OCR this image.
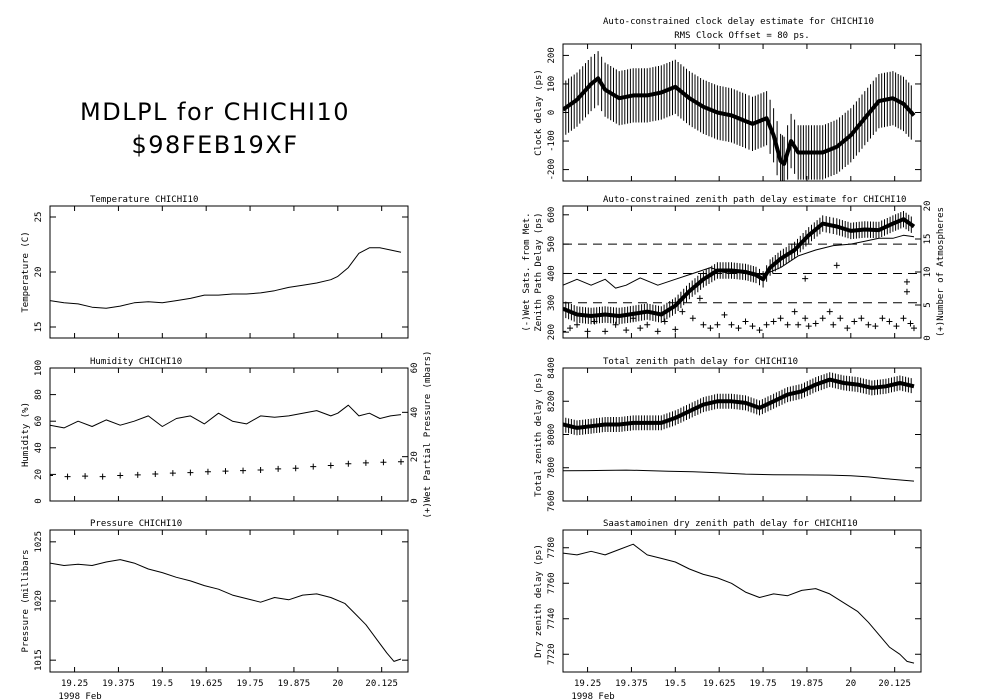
MDLPL for CHICHI10
$98FEB19XF
Temperature CHICHI10
15
20
25
Temperature (C)
Humidity CHICHI10
0
20
40
60
80
100
Humidity (%)
0
20
40
60 (+)Wet Partial Pressure (mbars)
Pressure CHICHI10
19.25 19.375 19.5 19.625 19.75 19.875 20 20.125
1998 Feb
1015
1020
1025
Pressure (millibars
Auto-constrained clock delay estimate for CHICHI10
RMS Clock Offset = 80 ps.
-200
-100
0
100
200
Clock delay (ps)
Auto-constrained zenith path delay estimate for CHICHI10
200
300
400
500
600
Zenith Path Delay (ps)
(-)Wet Sats. from Met.
0
5
10
15
20
(+)Number of Atmospheres
Total zenith path delay for CHICHI10
7600
7800
8000
8200
8400
Total zenith delay (ps)
Saastamoinen dry zenith path delay for CHICHI10
19.25 19.375 19.5 19.625 19.75 19.875 20 20.125
1998 Feb
7720
7740
7760
7780
Dry zenith delay (ps)
